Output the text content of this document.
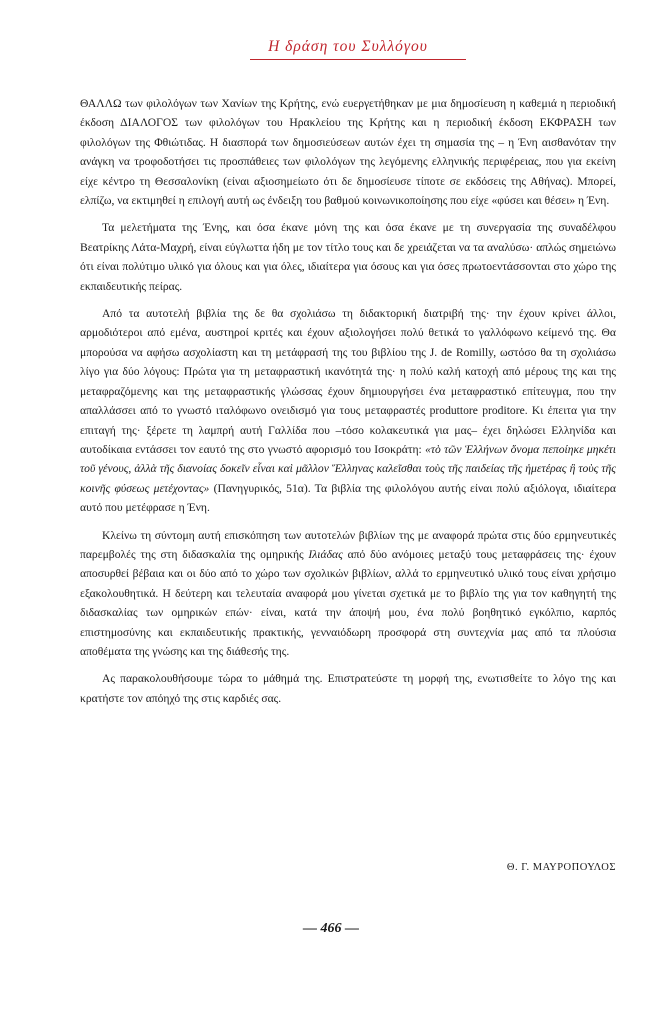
Η δράση του Συλλόγου

ΘΑΛΛΩ των φιλολόγων των Χανίων της Κρήτης, ενώ ευεργετήθηκαν με μια δημοσίευση η καθεμιά η περιοδική έκδοση ΔΙΑΛΟΓΟΣ των φιλολόγων του Ηρακλείου της Κρήτης και η περιοδική έκδοση ΕΚΦΡΑΣΗ των φιλολόγων της Φθιώτιδας. Η διασπορά των δημοσιεύσεων αυτών έχει τη σημασία της – η Ένη αισθανόταν την ανάγκη να τροφοδοτήσει τις προσπάθειες των φιλολόγων της λεγόμενης ελληνικής περιφέρειας, που για εκείνη είχε κέντρο τη Θεσσαλονίκη (είναι αξιοσημείωτο ότι δε δημοσίευσε τίποτε σε εκδόσεις της Αθήνας). Μπορεί, ελπίζω, να εκτιμηθεί η επιλογή αυτή ως ένδειξη του βαθμού κοινωνικοποίησης που είχε «φύσει και θέσει» η Ένη.

Τα μελετήματα της Ένης, και όσα έκανε μόνη της και όσα έκανε με τη συνεργασία της συναδέλφου Βεατρίκης Λάτα-Μαχρή, είναι εύγλωττα ήδη με τον τίτλο τους και δε χρειάζεται να τα αναλύσω· απλώς σημειώνω ότι είναι πολύτιμο υλικό για όλους και για όλες, ιδιαίτερα για όσους και για όσες πρωτοεντάσσονται στο χώρο της εκπαιδευτικής πείρας.

Από τα αυτοτελή βιβλία της δε θα σχολιάσω τη διδακτορική διατριβή της· την έχουν κρίνει άλλοι, αρμοδιότεροι από εμένα, αυστηροί κριτές και έχουν αξιολογήσει πολύ θετικά το γαλλόφωνο κείμενό της. Θα μπορούσα να αφήσω ασχολίαστη και τη μετάφρασή της του βιβλίου της J. de Romilly, ωστόσο θα τη σχολιάσω λίγο για δύο λόγους: Πρώτα για τη μεταφραστική ικανότητά της· η πολύ καλή κατοχή από μέρους της και της μεταφραζόμενης και της μεταφραστικής γλώσσας έχουν δημιουργήσει ένα μεταφραστικό επίτευγμα, που την απαλλάσσει από το γνωστό ιταλόφωνο ονειδισμό για τους μεταφραστές produttore proditore. Κι έπειτα για την επιταγή της· ξέρετε τη λαμπρή αυτή Γαλλίδα που –τόσο κολακευτικά για μας– έχει δηλώσει Ελληνίδα και αυτοδίκαια εντάσσει τον εαυτό της στο γνωστό αφορισμό του Ισοκράτη: «τὸ τῶν Ἑλλήνων ὄνομα πεποίηκε μηκέτι τοῦ γένους, ἀλλὰ τῆς διανοίας δοκεῖν εἶναι καὶ μᾶλλον Ἕλληνας καλεῖσθαι τοὺς τῆς παιδείας τῆς ἡμετέρας ἢ τοὺς τῆς κοινῆς φύσεως μετέχοντας» (Πανηγυρικός, 51α). Τα βιβλία της φιλολόγου αυτής είναι πολύ αξιόλογα, ιδιαίτερα αυτό που μετέφρασε η Ένη.

Κλείνω τη σύντομη αυτή επισκόπηση των αυτοτελών βιβλίων της με αναφορά πρώτα στις δύο ερμηνευτικές παρεμβολές της στη διδασκαλία της ομηρικής Ιλιάδας από δύο ανόμοιες μεταξύ τους μεταφράσεις της· έχουν αποσυρθεί βέβαια και οι δύο από το χώρο των σχολικών βιβλίων, αλλά το ερμηνευτικό υλικό τους είναι χρήσιμο εξακολουθητικά. Η δεύτερη και τελευταία αναφορά μου γίνεται σχετικά με το βιβλίο της για τον καθηγητή της διδασκαλίας των ομηρικών επών· είναι, κατά την άποψή μου, ένα πολύ βοηθητικό εγκόλπιο, καρπός επιστημοσύνης και εκπαιδευτικής πρακτικής, γενναιόδωρη προσφορά στη συντεχνία μας από τα πλούσια αποθέματα της γνώσης και της διάθεσής της.

Ας παρακολουθήσουμε τώρα το μάθημά της. Επιστρατεύστε τη μορφή της, ενωτισθείτε το λόγο της και κρατήστε τον απόηχό της στις καρδιές σας.

Θ. Γ. ΜΑΥΡΟΠΟΥΛΟΣ
— 466 —
